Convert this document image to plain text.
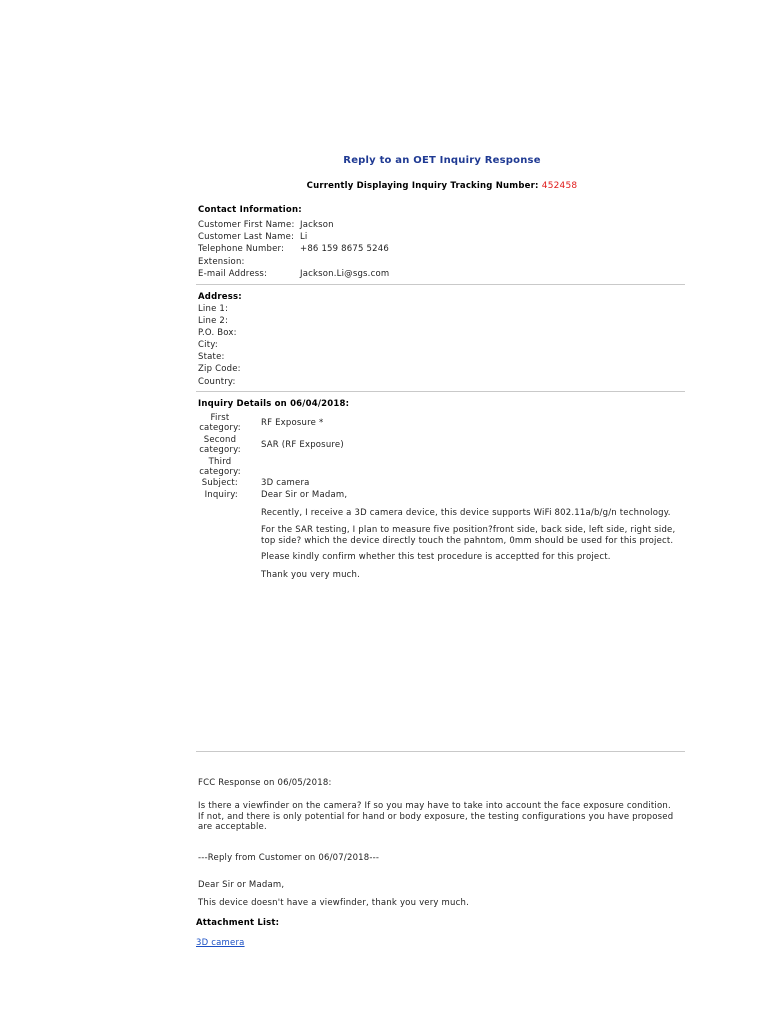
Reply to an OET Inquiry Response
Currently Displaying Inquiry Tracking Number: 452458
Contact Information:
Customer First Name: Jackson
Customer Last Name: Li
Telephone Number:	+86 159 8675 5246
Extension:
E-mail Address:	Jackson.Li@sgs.com
Address:
Line 1:
Line 2:
P.O. Box:
City:
State:
Zip Code:
Country:
Inquiry Details on 06/04/2018:
First
category: RF Exposure *
Second
category: SAR (RF Exposure)
Third
category:
Subject:	3D camera
Inquiry:	Dear Sir or Madam,
Recently, I receive a 3D camera device, this device supports WiFi 802.11a/b/g/n technology.
For the SAR testing, I plan to measure five position?front side, back side, left side, right side, top side? which the device directly touch the pahntom, 0mm should be used for this project.
Please kindly confirm whether this test procedure is acceptted for this project.
Thank you very much.
FCC Response on 06/05/2018:
Is there a viewfinder on the camera? If so you may have to take into account the face exposure condition. If not, and there is only potential for hand or body exposure, the testing configurations you have proposed are acceptable.
---Reply from Customer on 06/07/2018---
Dear Sir or Madam,
This device doesn't have a viewfinder, thank you very much.
Attachment List:
3D camera
